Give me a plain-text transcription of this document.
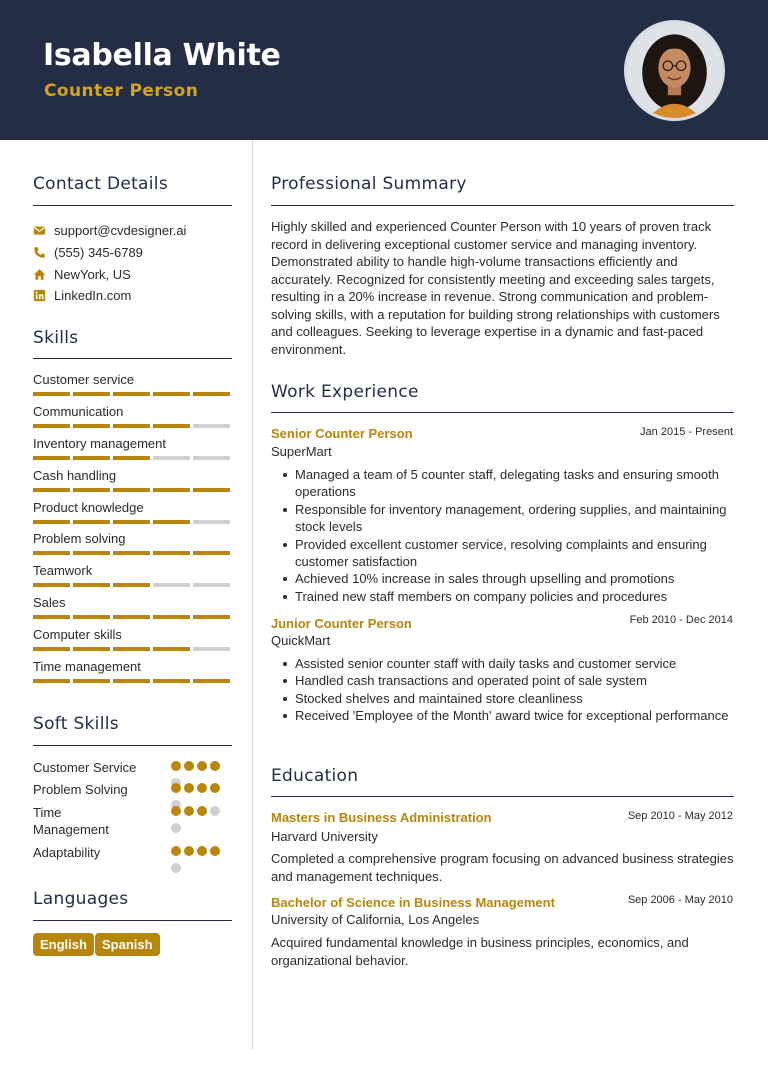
Isabella White
Counter Person
Contact Details
support@cvdesigner.ai
(555) 345-6789
NewYork, US
LinkedIn.com
Skills
Customer service
Communication
Inventory management
Cash handling
Product knowledge
Problem solving
Teamwork
Sales
Computer skills
Time management
Soft Skills
Customer Service
Problem Solving
Time Management
Adaptability
Languages
English	Spanish
Professional Summary
Highly skilled and experienced Counter Person with 10 years of proven track record in delivering exceptional customer service and managing inventory. Demonstrated ability to handle high-volume transactions efficiently and accurately. Recognized for consistently meeting and exceeding sales targets, resulting in a 20% increase in revenue. Strong communication and problem-solving skills, with a reputation for building strong relationships with customers and colleagues. Seeking to leverage expertise in a dynamic and fast-paced environment.
Work Experience
Senior Counter Person	Jan 2015 - Present
SuperMart
Managed a team of 5 counter staff, delegating tasks and ensuring smooth operations
Responsible for inventory management, ordering supplies, and maintaining stock levels
Provided excellent customer service, resolving complaints and ensuring customer satisfaction
Achieved 10% increase in sales through upselling and promotions
Trained new staff members on company policies and procedures
Junior Counter Person	Feb 2010 - Dec 2014
QuickMart
Assisted senior counter staff with daily tasks and customer service
Handled cash transactions and operated point of sale system
Stocked shelves and maintained store cleanliness
Received 'Employee of the Month' award twice for exceptional performance
Education
Masters in Business Administration	Sep 2010 - May 2012
Harvard University
Completed a comprehensive program focusing on advanced business strategies and management techniques.
Bachelor of Science in Business Management	Sep 2006 - May 2010
University of California, Los Angeles
Acquired fundamental knowledge in business principles, economics, and organizational behavior.
